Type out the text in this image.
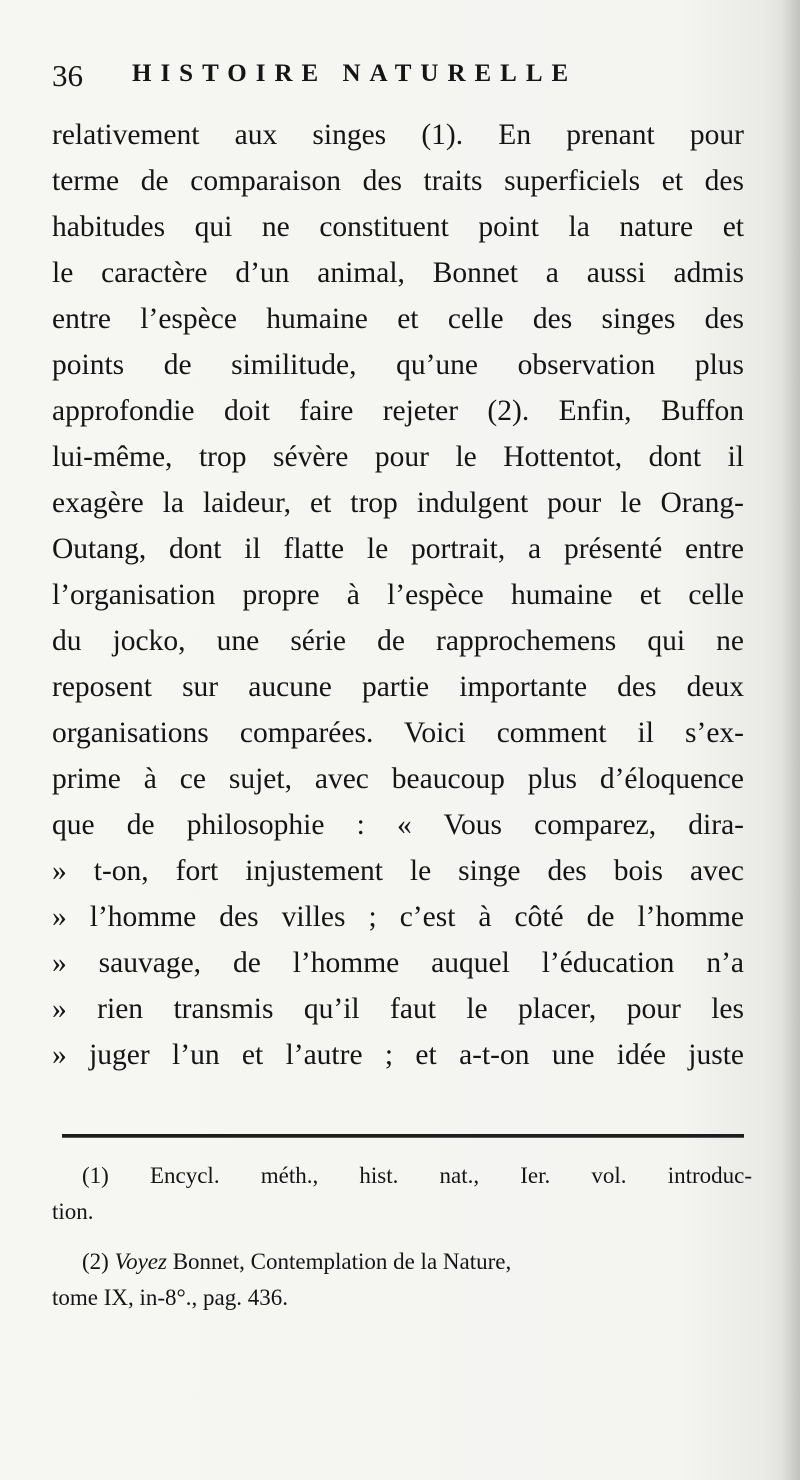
36 HISTOIRE NATURELLE
relativement aux singes (1). En prenant pour
terme de comparaison des traits superficiels et des
habitudes qui ne constituent point la nature et
le caractère d’un animal, Bonnet a aussi admis
entre l’espèce humaine et celle des singes des
points de similitude, qu’une observation plus
approfondie doit faire rejeter (2). Enfin, Buffon
lui-même, trop sévère pour le Hottentot, dont il
exagère la laideur, et trop indulgent pour le Orang-
Outang, dont il flatte le portrait, a présenté entre
l’organisation propre à l’espèce humaine et celle
du jocko, une série de rapprochemens qui ne
reposent sur aucune partie importante des deux
organisations comparées. Voici comment il s’ex-
prime à ce sujet, avec beaucoup plus d’éloquence
que de philosophie : « Vous comparez, dira-
» t-on, fort injustement le singe des bois avec
» l’homme des villes ; c’est à côté de l’homme
» sauvage, de l’homme auquel l’éducation n’a
» rien transmis qu’il faut le placer, pour les
» juger l’un et l’autre ; et a-t-on une idée juste
(1) Encycl. méth., hist. nat., Ier. vol. introduc-
tion.
(2) Voyez Bonnet, Contemplation de la Nature,
tome IX, in-8°., pag. 436.
